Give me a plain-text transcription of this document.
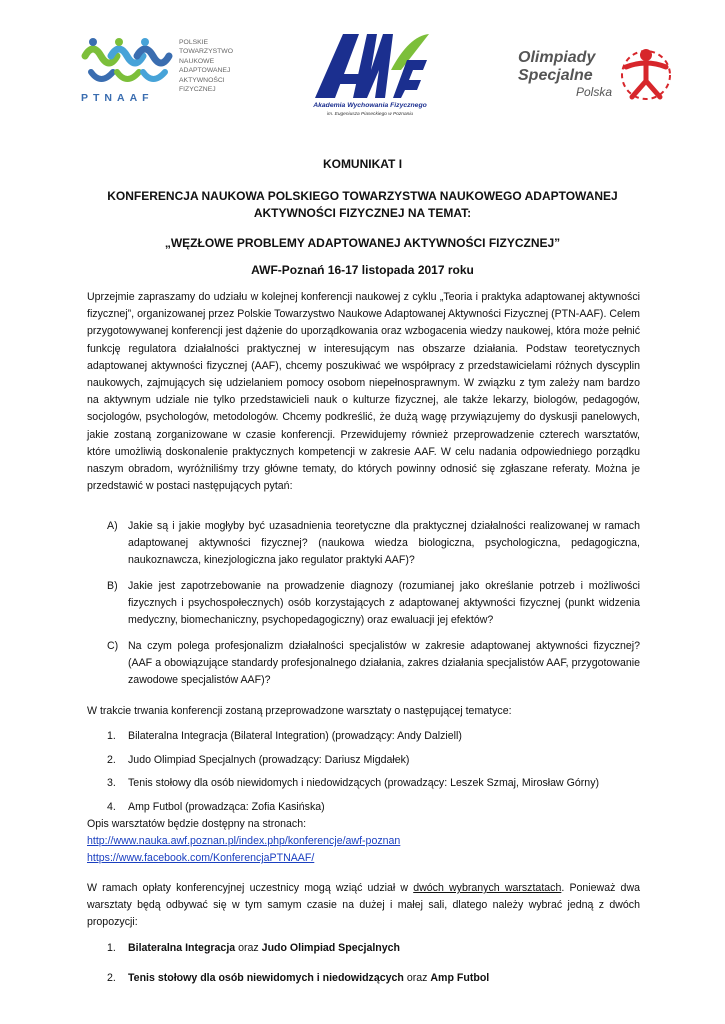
PTNAAF
POLSKIE
TOWARZYSTWO
NAUKOWE
ADAPTOWANEJ
AKTYWNOŚCI
FIZYCZNEJ
Akademia Wychowania Fizycznego
im. Eugeniusza Piaseckiego w Poznaniu
Olimpiady
Specjalne
Polska
KOMUNIKAT I
KONFERENCJA NAUKOWA POLSKIEGO TOWARZYSTWA NAUKOWEGO ADAPTOWANEJ
AKTYWNOŚCI FIZYCZNEJ NA TEMAT:
„WĘZŁOWE PROBLEMY ADAPTOWANEJ AKTYWNOŚCI FIZYCZNEJ”
AWF-Poznań 16-17 listopada 2017 roku
Uprzejmie zapraszamy do udziału w kolejnej konferencji naukowej z cyklu „Teoria i praktyka adaptowanej aktywności fizycznej”, organizowanej przez Polskie Towarzystwo Naukowe Adaptowanej Aktywności Fizycznej (PTN-AAF). Celem przygotowywanej konferencji jest dążenie do uporządkowania oraz wzbogacenia wiedzy naukowej, która może pełnić funkcję regulatora działalności praktycznej w interesującym nas obszarze działania. Podstaw teoretycznych adaptowanej aktywności fizycznej (AAF), chcemy poszukiwać we współpracy z przedstawicielami różnych dyscyplin naukowych, zajmujących się udzielaniem pomocy osobom niepełnosprawnym. W związku z tym zależy nam bardzo na aktywnym udziale nie tylko przedstawicieli nauk o kulturze fizycznej, ale także lekarzy, biologów, pedagogów, socjologów, psychologów, metodologów. Chcemy podkreślić, że dużą wagę przywiązujemy do dyskusji panelowych, jakie zostaną zorganizowane w czasie konferencji. Przewidujemy również przeprowadzenie czterech warsztatów, które umożliwią doskonalenie praktycznych kompetencji w zakresie AAF. W celu nadania odpowiedniego porządku naszym obradom, wyróżniliśmy trzy główne tematy, do których powinny odnosić się zgłaszane referaty. Można je przedstawić w postaci następujących pytań:
A) Jakie są i jakie mogłyby być uzasadnienia teoretyczne dla praktycznej działalności realizowanej w ramach adaptowanej aktywności fizycznej? (naukowa wiedza biologiczna, psychologiczna, pedagogiczna, naukoznawcza, kinezjologiczna jako regulator praktyki AAF)?
B) Jakie jest zapotrzebowanie na prowadzenie diagnozy (rozumianej jako określanie potrzeb i możliwości fizycznych i psychospołecznych) osób korzystających z adaptowanej aktywności fizycznej (punkt widzenia medyczny, biomechaniczny, psychopedagogiczny) oraz ewaluacji jej efektów?
C) Na czym polega profesjonalizm działalności specjalistów w zakresie adaptowanej aktywności fizycznej? (AAF a obowiązujące standardy profesjonalnego działania, zakres działania specjalistów AAF, przygotowanie zawodowe specjalistów AAF)?
W trakcie trwania konferencji zostaną przeprowadzone warsztaty o następującej tematyce:
1. Bilateralna Integracja (Bilateral Integration) (prowadzący: Andy Dalziell)
2. Judo Olimpiad Specjalnych (prowadzący: Dariusz Migdałek)
3. Tenis stołowy dla osób niewidomych i niedowidzących (prowadzący: Leszek Szmaj, Mirosław Górny)
4. Amp Futbol (prowadząca: Zofia Kasińska)
Opis warsztatów będzie dostępny na stronach:
http://www.nauka.awf.poznan.pl/index.php/konferencje/awf-poznan
https://www.facebook.com/KonferencjaPTNAAF/
W ramach opłaty konferencyjnej uczestnicy mogą wziąć udział w dwóch wybranych warsztatach. Ponieważ dwa warsztaty będą odbywać się w tym samym czasie na dużej i małej sali, dlatego należy wybrać jedną z dwóch propozycji:
1. Bilateralna Integracja oraz Judo Olimpiad Specjalnych
2. Tenis stołowy dla osób niewidomych i niedowidzących oraz Amp Futbol
